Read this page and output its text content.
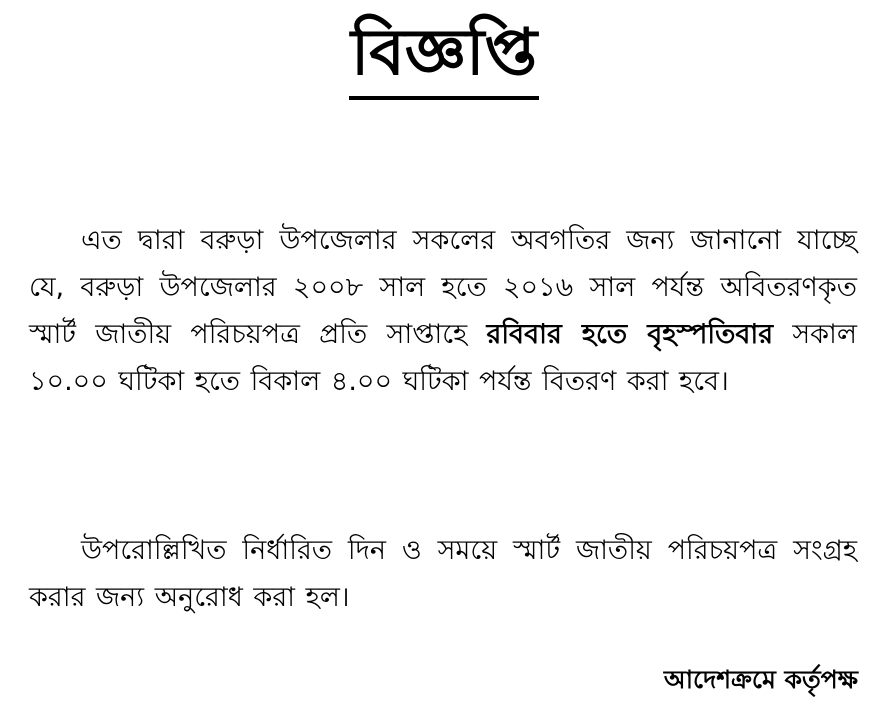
বিজ্ঞপ্তি

এত দ্বারা বরুড়া উপজেলার সকলের অবগতির জন্য জানানো যাচ্ছে যে, বরুড়া উপজেলার ২০০৮ সাল হতে ২০১৬ সাল পর্যন্ত অবিতরণকৃত স্মার্ট জাতীয় পরিচয়পত্র প্রতি সাপ্তাহে রবিবার হতে বৃহস্পতিবার সকাল ১০.০০ ঘটিকা হতে বিকাল ৪.০০ ঘটিকা পর্যন্ত বিতরণ করা হবে।

উপরোল্লিখিত নির্ধারিত দিন ও সময়ে স্মার্ট জাতীয় পরিচয়পত্র সংগ্রহ করার জন্য অনুরোধ করা হল।

আদেশক্রমে কর্তৃপক্ষ
